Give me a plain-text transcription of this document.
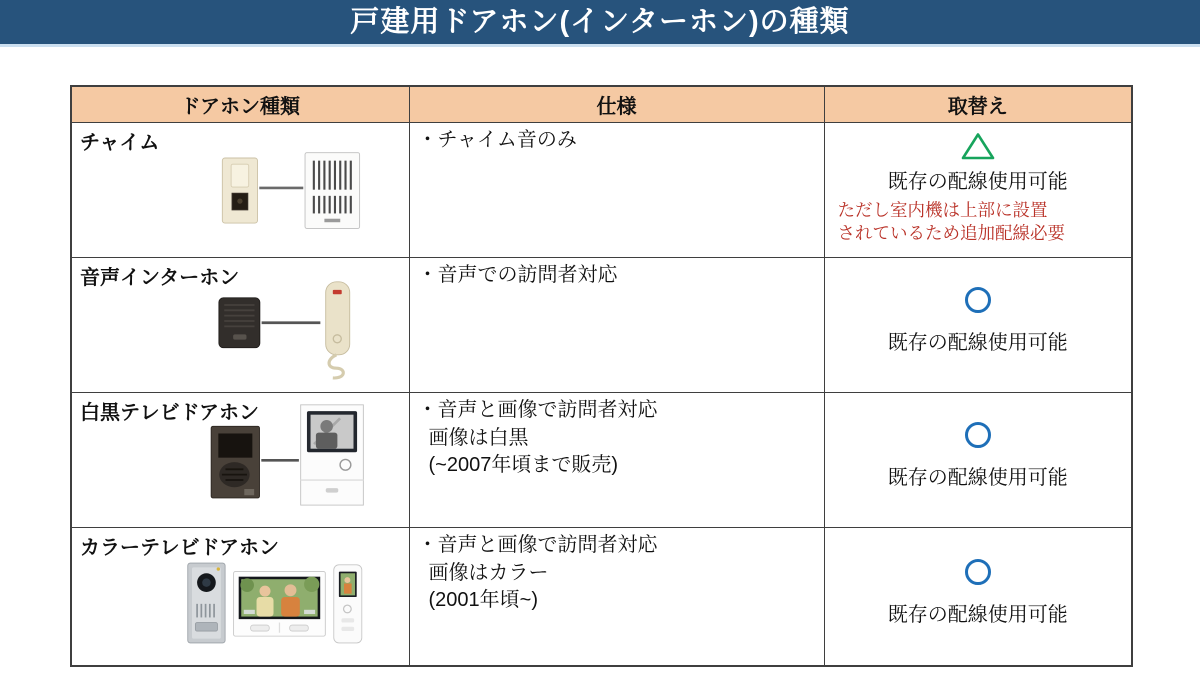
戸建用ドアホン(インターホン)の種類
ドアホン種類	仕様	取替え

チャイム	・チャイム音のみ	既存の配線使用可能
ただし室内機は上部に設置
されているため追加配線必要

音声インターホン	・音声での訪問者対応	既存の配線使用可能

白黒テレビドアホン	・音声と画像で訪問者対応
画像は白黒
(~2007年頃まで販売)	既存の配線使用可能

カラーテレビドアホン	・音声と画像で訪問者対応
画像はカラー
(2001年頃~)	既存の配線使用可能
